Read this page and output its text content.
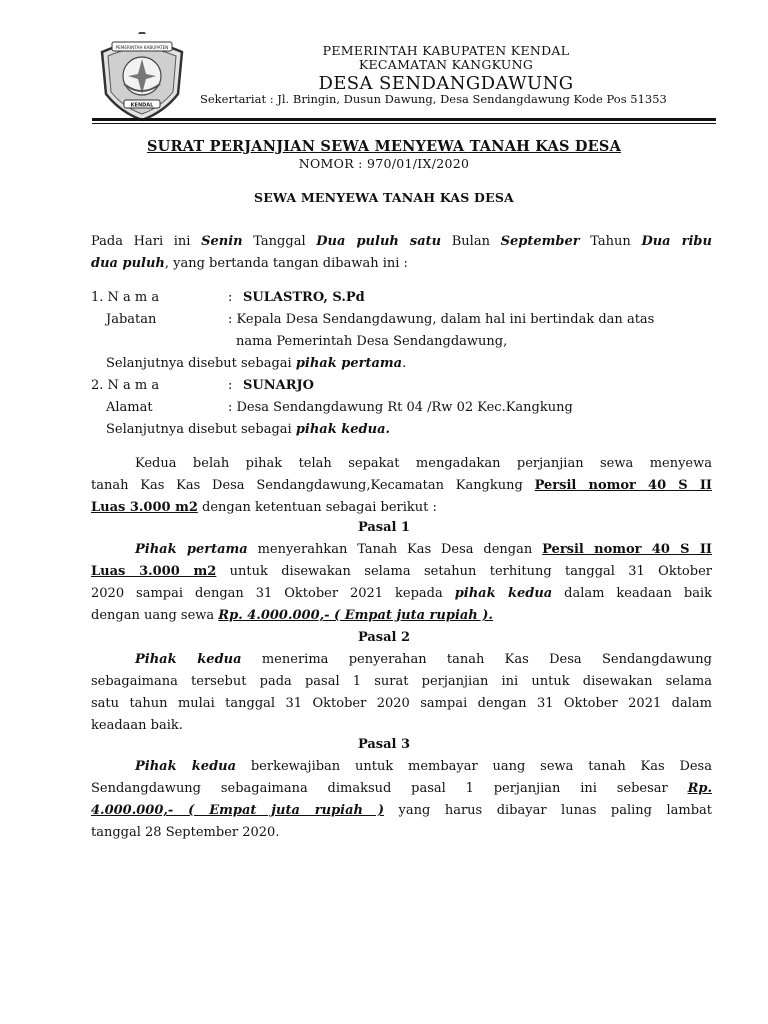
PEMERINTAH KABUPATEN
KENDAL
PEMERINTAH KABUPATEN KENDAL
KECAMATAN KANGKUNG
DESA SENDANGDAWUNG
Sekertariat : Jl. Bringin, Dusun Dawung, Desa Sendangdawung Kode Pos 51353
SURAT PERJANJIAN SEWA MENYEWA TANAH KAS DESA
NOMOR : 970/01/IX/2020
SEWA MENYEWA TANAH KAS DESA
Pada Hari ini Senin Tanggal Dua puluh satu Bulan September Tahun Dua ribu
dua puluh, yang bertanda tangan dibawah ini :
1. N a m a	: SULASTRO, S.Pd
Jabatan	: Kepala Desa Sendangdawung, dalam hal ini bertindak dan atas
nama Pemerintah Desa Sendangdawung,
Selanjutnya disebut sebagai pihak pertama.
2. N a m a	: SUNARJO
Alamat	: Desa Sendangdawung Rt 04 /Rw 02 Kec.Kangkung
Selanjutnya disebut sebagai pihak kedua.
Kedua belah pihak telah sepakat mengadakan perjanjian sewa menyewa
tanah Kas Kas Desa Sendangdawung,Kecamatan Kangkung Persil nomor 40 S II
Luas 3.000 m2 dengan ketentuan sebagai berikut :
Pasal 1
Pihak pertama menyerahkan Tanah Kas Desa dengan Persil nomor 40 S II
Luas 3.000 m2 untuk disewakan selama setahun terhitung tanggal 31 Oktober
2020 sampai dengan 31 Oktober 2021 kepada pihak kedua dalam keadaan baik
dengan uang sewa Rp. 4.000.000,- ( Empat juta rupiah ).
Pasal 2
Pihak kedua menerima penyerahan tanah Kas Desa Sendangdawung
sebagaimana tersebut pada pasal 1 surat perjanjian ini untuk disewakan selama
satu tahun mulai tanggal 31 Oktober 2020 sampai dengan 31 Oktober 2021 dalam
keadaan baik.
Pasal 3
Pihak kedua berkewajiban untuk membayar uang sewa tanah Kas Desa
Sendangdawung sebagaimana dimaksud pasal 1 perjanjian ini sebesar Rp.
4.000.000,- ( Empat juta rupiah ) yang harus dibayar lunas paling lambat
tanggal 28 September 2020.
